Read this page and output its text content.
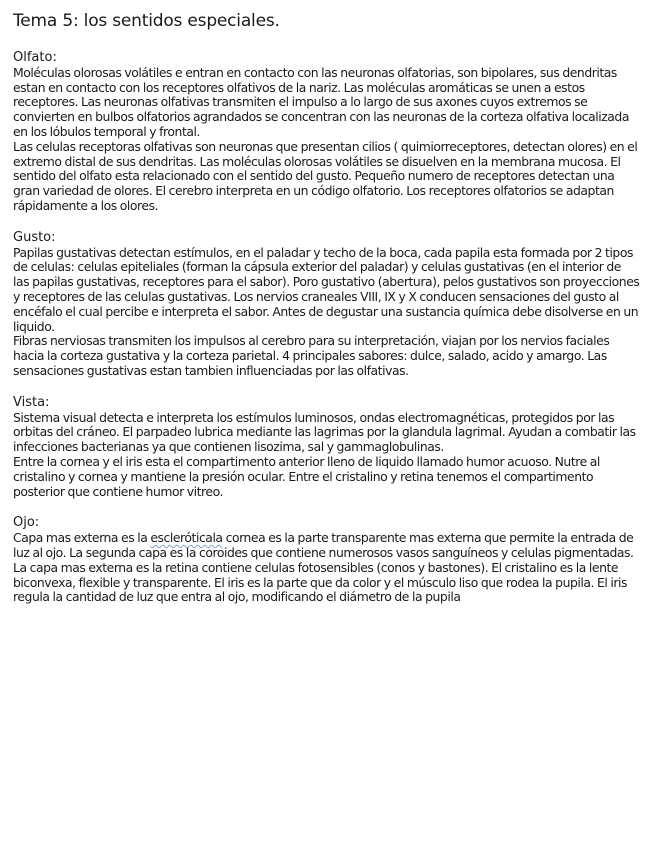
Tema 5: los sentidos especiales.

Olfato:

Moléculas olorosas volátiles e entran en contacto con las neuronas olfatorias, son bipolares, sus dendritas estan en contacto con los receptores olfativos de la nariz. Las moléculas aromáticas se unen a estos receptores. Las neuronas olfativas transmiten el impulso a lo largo de sus axones cuyos extremos se convierten en bulbos olfatorios agrandados se concentran con las neuronas de la corteza olfativa localizada en los lóbulos temporal y frontal.

Las celulas receptoras olfativas son neuronas que presentan cilios ( quimiorreceptores, detectan olores) en el extremo distal de sus dendritas. Las moléculas olorosas volátiles se disuelven en la membrana mucosa. El sentido del olfato esta relacionado con el sentido del gusto. Pequeño numero de receptores detectan una gran variedad de olores. El cerebro interpreta en un código olfatorio. Los receptores olfatorios se adaptan rápidamente a los olores.

Gusto:

Papilas gustativas detectan estímulos, en el paladar y techo de la boca, cada papila esta formada por 2 tipos de celulas: celulas epiteliales (forman la cápsula exterior del paladar) y celulas gustativas (en el interior de las papilas gustativas, receptores para el sabor). Poro gustativo (abertura), pelos gustativos son proyecciones y receptores de las celulas gustativas. Los nervios craneales VIII, IX y X conducen sensaciones del gusto al encéfalo el cual percibe e interpreta el sabor. Antes de degustar una sustancia química debe disolverse en un liquido.

Fibras nerviosas transmiten los impulsos al cerebro para su interpretación, viajan por los nervios faciales hacia la corteza gustativa y la corteza parietal. 4 principales sabores: dulce, salado, acido y amargo. Las sensaciones gustativas estan tambien influenciadas por las olfativas.

Vista:

Sistema visual detecta e interpreta los estímulos luminosos, ondas electromagnéticas, protegidos por las orbitas del cráneo. El parpadeo lubrica mediante las lagrimas por la glandula lagrimal. Ayudan a combatir las infecciones bacterianas ya que contienen lisozima, sal y gammaglobulinas.

Entre la cornea y el iris esta el compartimento anterior lleno de liquido llamado humor acuoso. Nutre al cristalino y cornea y mantiene la presión ocular. Entre el cristalino y retina tenemos el compartimento posterior que contiene humor vitreo.

Ojo:

Capa mas externa es la escleróticala cornea es la parte transparente mas externa que permite la entrada de luz al ojo. La segunda capa es la coroides que contiene numerosos vasos sanguíneos y celulas pigmentadas. La capa mas externa es la retina contiene celulas fotosensibles (conos y bastones). El cristalino es la lente biconvexa, flexible y transparente. El iris es la parte que da color y el músculo liso que rodea la pupila. El iris regula la cantidad de luz que entra al ojo, modificando el diámetro de la pupila
